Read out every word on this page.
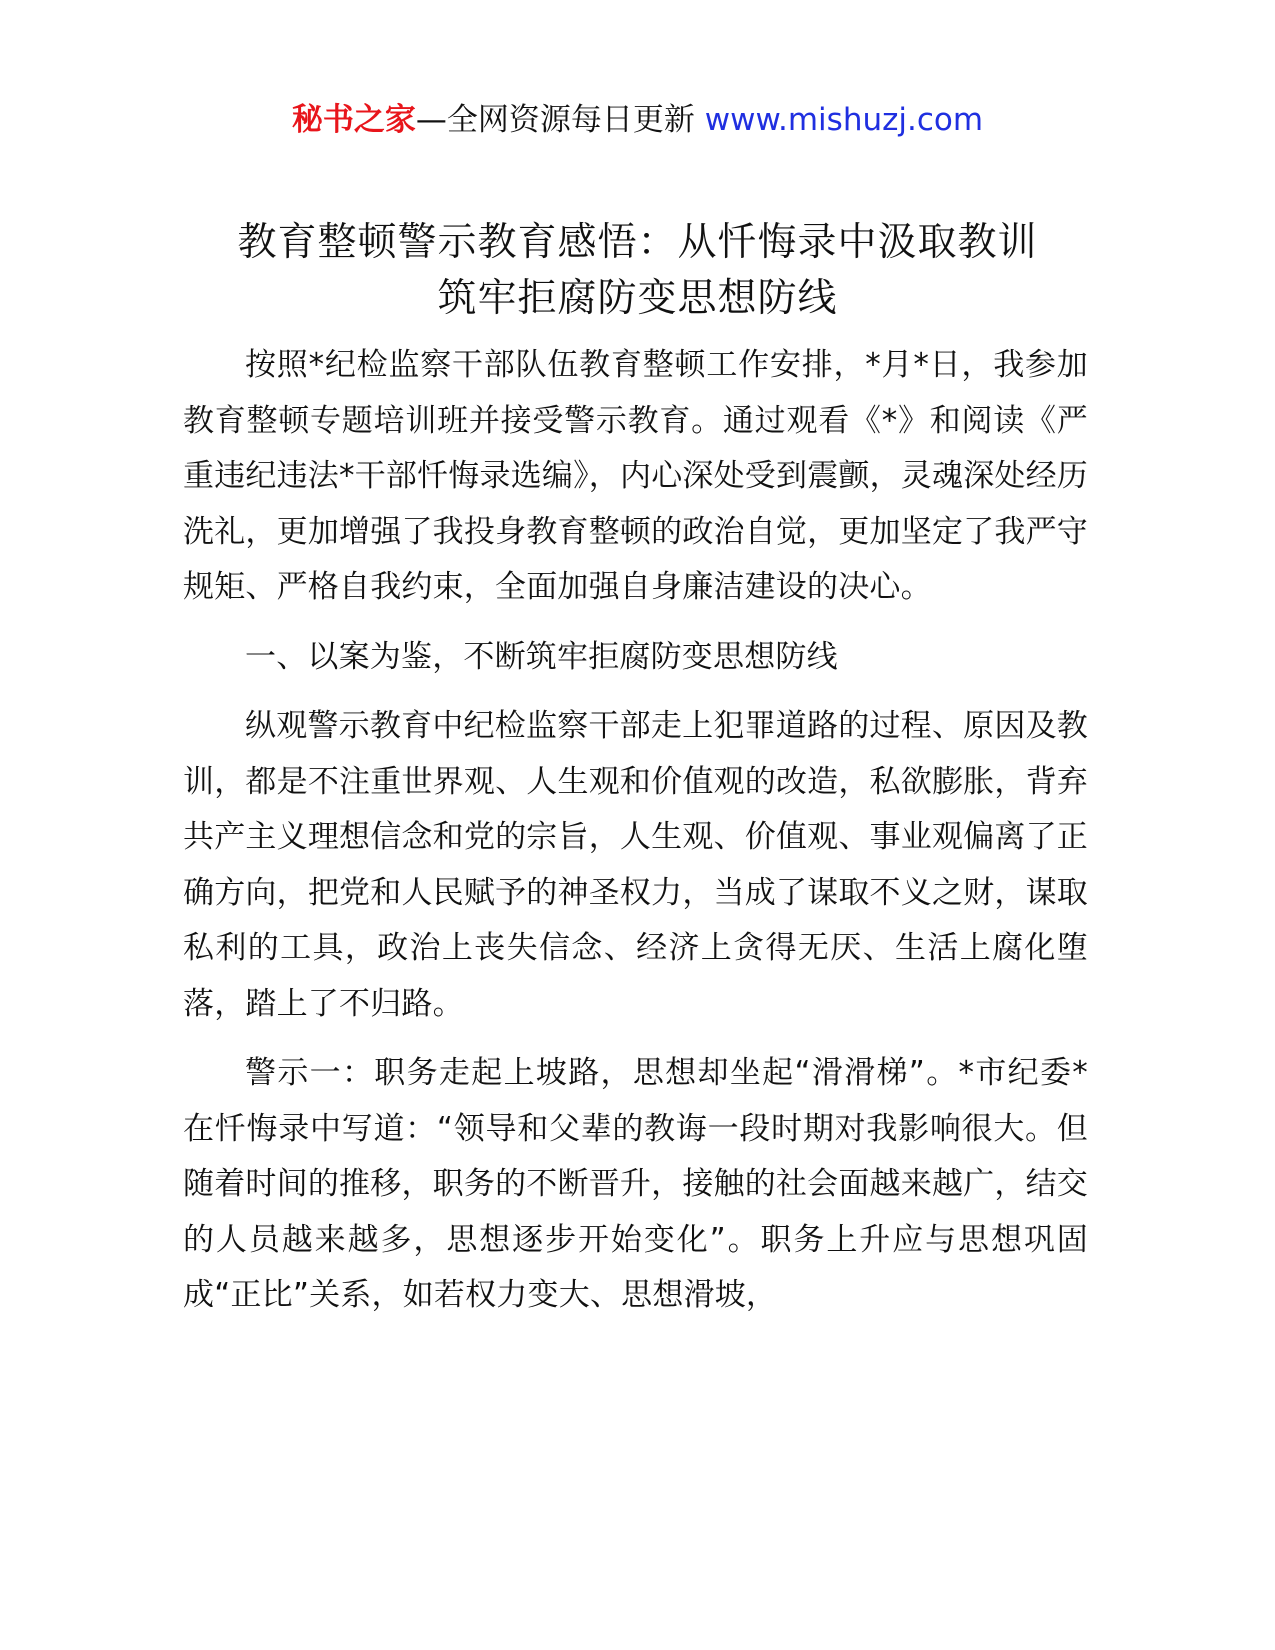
秘书之家—全网资源每日更新 www.mishuzj.com
教育整顿警示教育感悟：从忏悔录中汲取教训
筑牢拒腐防变思想防线

按照*纪检监察干部队伍教育整顿工作安排，*月*日，我参加教育整顿专题培训班并接受警示教育。通过观看《*》和阅读《严重违纪违法*干部忏悔录选编》，内心深处受到震颤，灵魂深处经历洗礼，更加增强了我投身教育整顿的政治自觉，更加坚定了我严守规矩、严格自我约束，全面加强自身廉洁建设的决心。

一、以案为鉴，不断筑牢拒腐防变思想防线

纵观警示教育中纪检监察干部走上犯罪道路的过程、原因及教训，都是不注重世界观、人生观和价值观的改造，私欲膨胀，背弃共产主义理想信念和党的宗旨，人生观、价值观、事业观偏离了正确方向，把党和人民赋予的神圣权力，当成了谋取不义之财，谋取私利的工具，政治上丧失信念、经济上贪得无厌、生活上腐化堕落，踏上了不归路。

警示一：职务走起上坡路，思想却坐起“滑滑梯”。*市纪委*在忏悔录中写道：“领导和父辈的教诲一段时期对我影响很大。但随着时间的推移，职务的不断晋升，接触的社会面越来越广，结交的人员越来越多，思想逐步开始变化”。职务上升应与思想巩固成“正比”关系，如若权力变大、思想滑坡，
